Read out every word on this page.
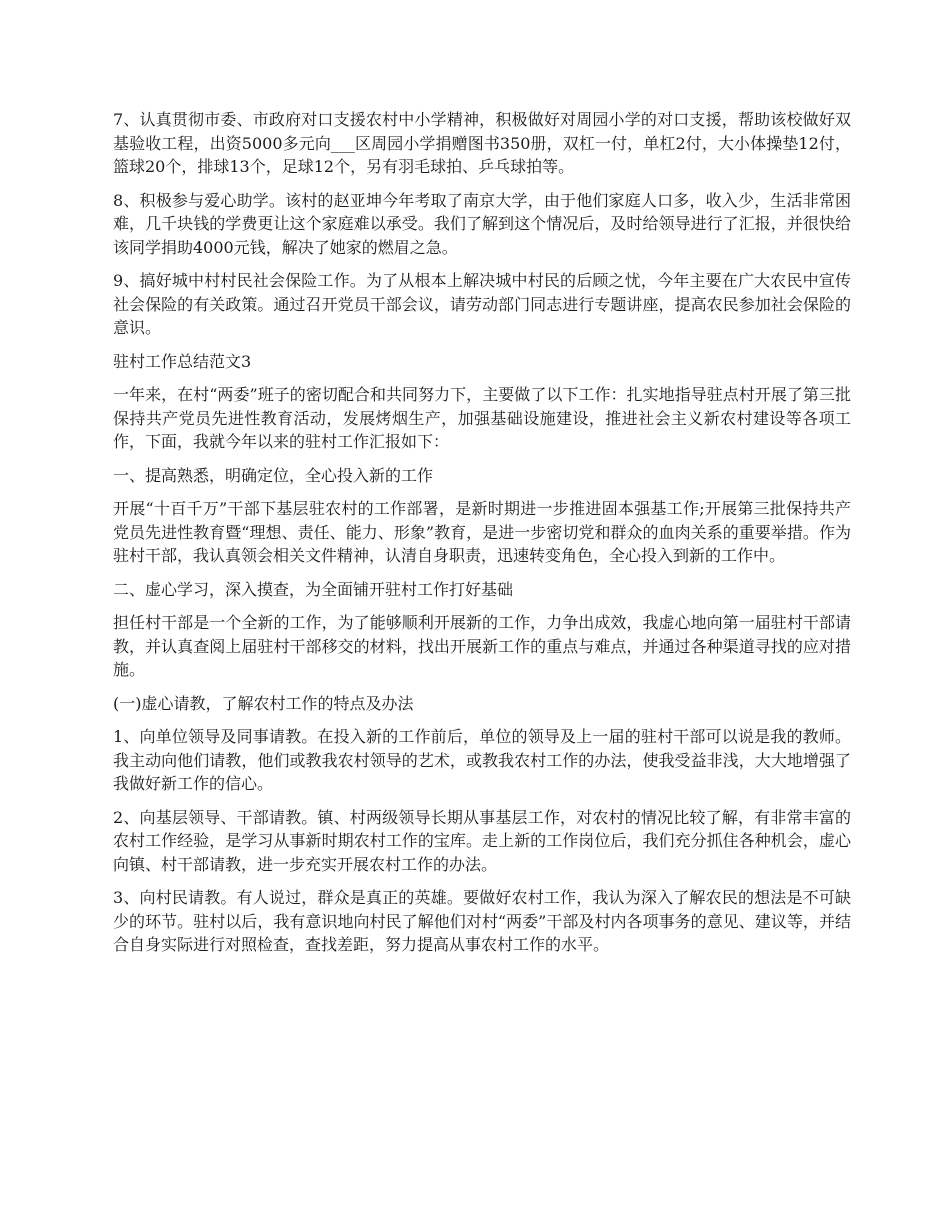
7、认真贯彻市委、市政府对口支援农村中小学精神，积极做好对周园小学的对口支援，帮助该校做好双基验收工程，出资5000多元向___区周园小学捐赠图书350册，双杠一付，单杠2付，大小体操垫12付，篮球20个，排球13个，足球12个，另有羽毛球拍、乒乓球拍等。

8、积极参与爱心助学。该村的赵亚坤今年考取了南京大学，由于他们家庭人口多，收入少，生活非常困难，几千块钱的学费更让这个家庭难以承受。我们了解到这个情况后，及时给领导进行了汇报，并很快给该同学捐助4000元钱，解决了她家的燃眉之急。

9、搞好城中村村民社会保险工作。为了从根本上解决城中村民的后顾之忧，今年主要在广大农民中宣传社会保险的有关政策。通过召开党员干部会议，请劳动部门同志进行专题讲座，提高农民参加社会保险的意识。

驻村工作总结范文3

一年来，在村“两委”班子的密切配合和共同努力下，主要做了以下工作：扎实地指导驻点村开展了第三批保持共产党员先进性教育活动，发展烤烟生产，加强基础设施建设，推进社会主义新农村建设等各项工作，下面，我就今年以来的驻村工作汇报如下：

一、提高熟悉，明确定位，全心投入新的工作

开展“十百千万”干部下基层驻农村的工作部署，是新时期进一步推进固本强基工作;开展第三批保持共产党员先进性教育暨“理想、责任、能力、形象”教育，是进一步密切党和群众的血肉关系的重要举措。作为驻村干部，我认真领会相关文件精神，认清自身职责，迅速转变角色，全心投入到新的工作中。

二、虚心学习，深入摸查，为全面铺开驻村工作打好基础

担任村干部是一个全新的工作，为了能够顺利开展新的工作，力争出成效，我虚心地向第一届驻村干部请教，并认真查阅上届驻村干部移交的材料，找出开展新工作的重点与难点，并通过各种渠道寻找的应对措施。

(一)虚心请教，了解农村工作的特点及办法

1、向单位领导及同事请教。在投入新的工作前后，单位的领导及上一届的驻村干部可以说是我的教师。我主动向他们请教，他们或教我农村领导的艺术，或教我农村工作的办法，使我受益非浅，大大地增强了我做好新工作的信心。

2、向基层领导、干部请教。镇、村两级领导长期从事基层工作，对农村的情况比较了解，有非常丰富的农村工作经验，是学习从事新时期农村工作的宝库。走上新的工作岗位后，我们充分抓住各种机会，虚心向镇、村干部请教，进一步充实开展农村工作的办法。

3、向村民请教。有人说过，群众是真正的英雄。要做好农村工作，我认为深入了解农民的想法是不可缺少的环节。驻村以后，我有意识地向村民了解他们对村“两委”干部及村内各项事务的意见、建议等，并结合自身实际进行对照检查，查找差距，努力提高从事农村工作的水平。
